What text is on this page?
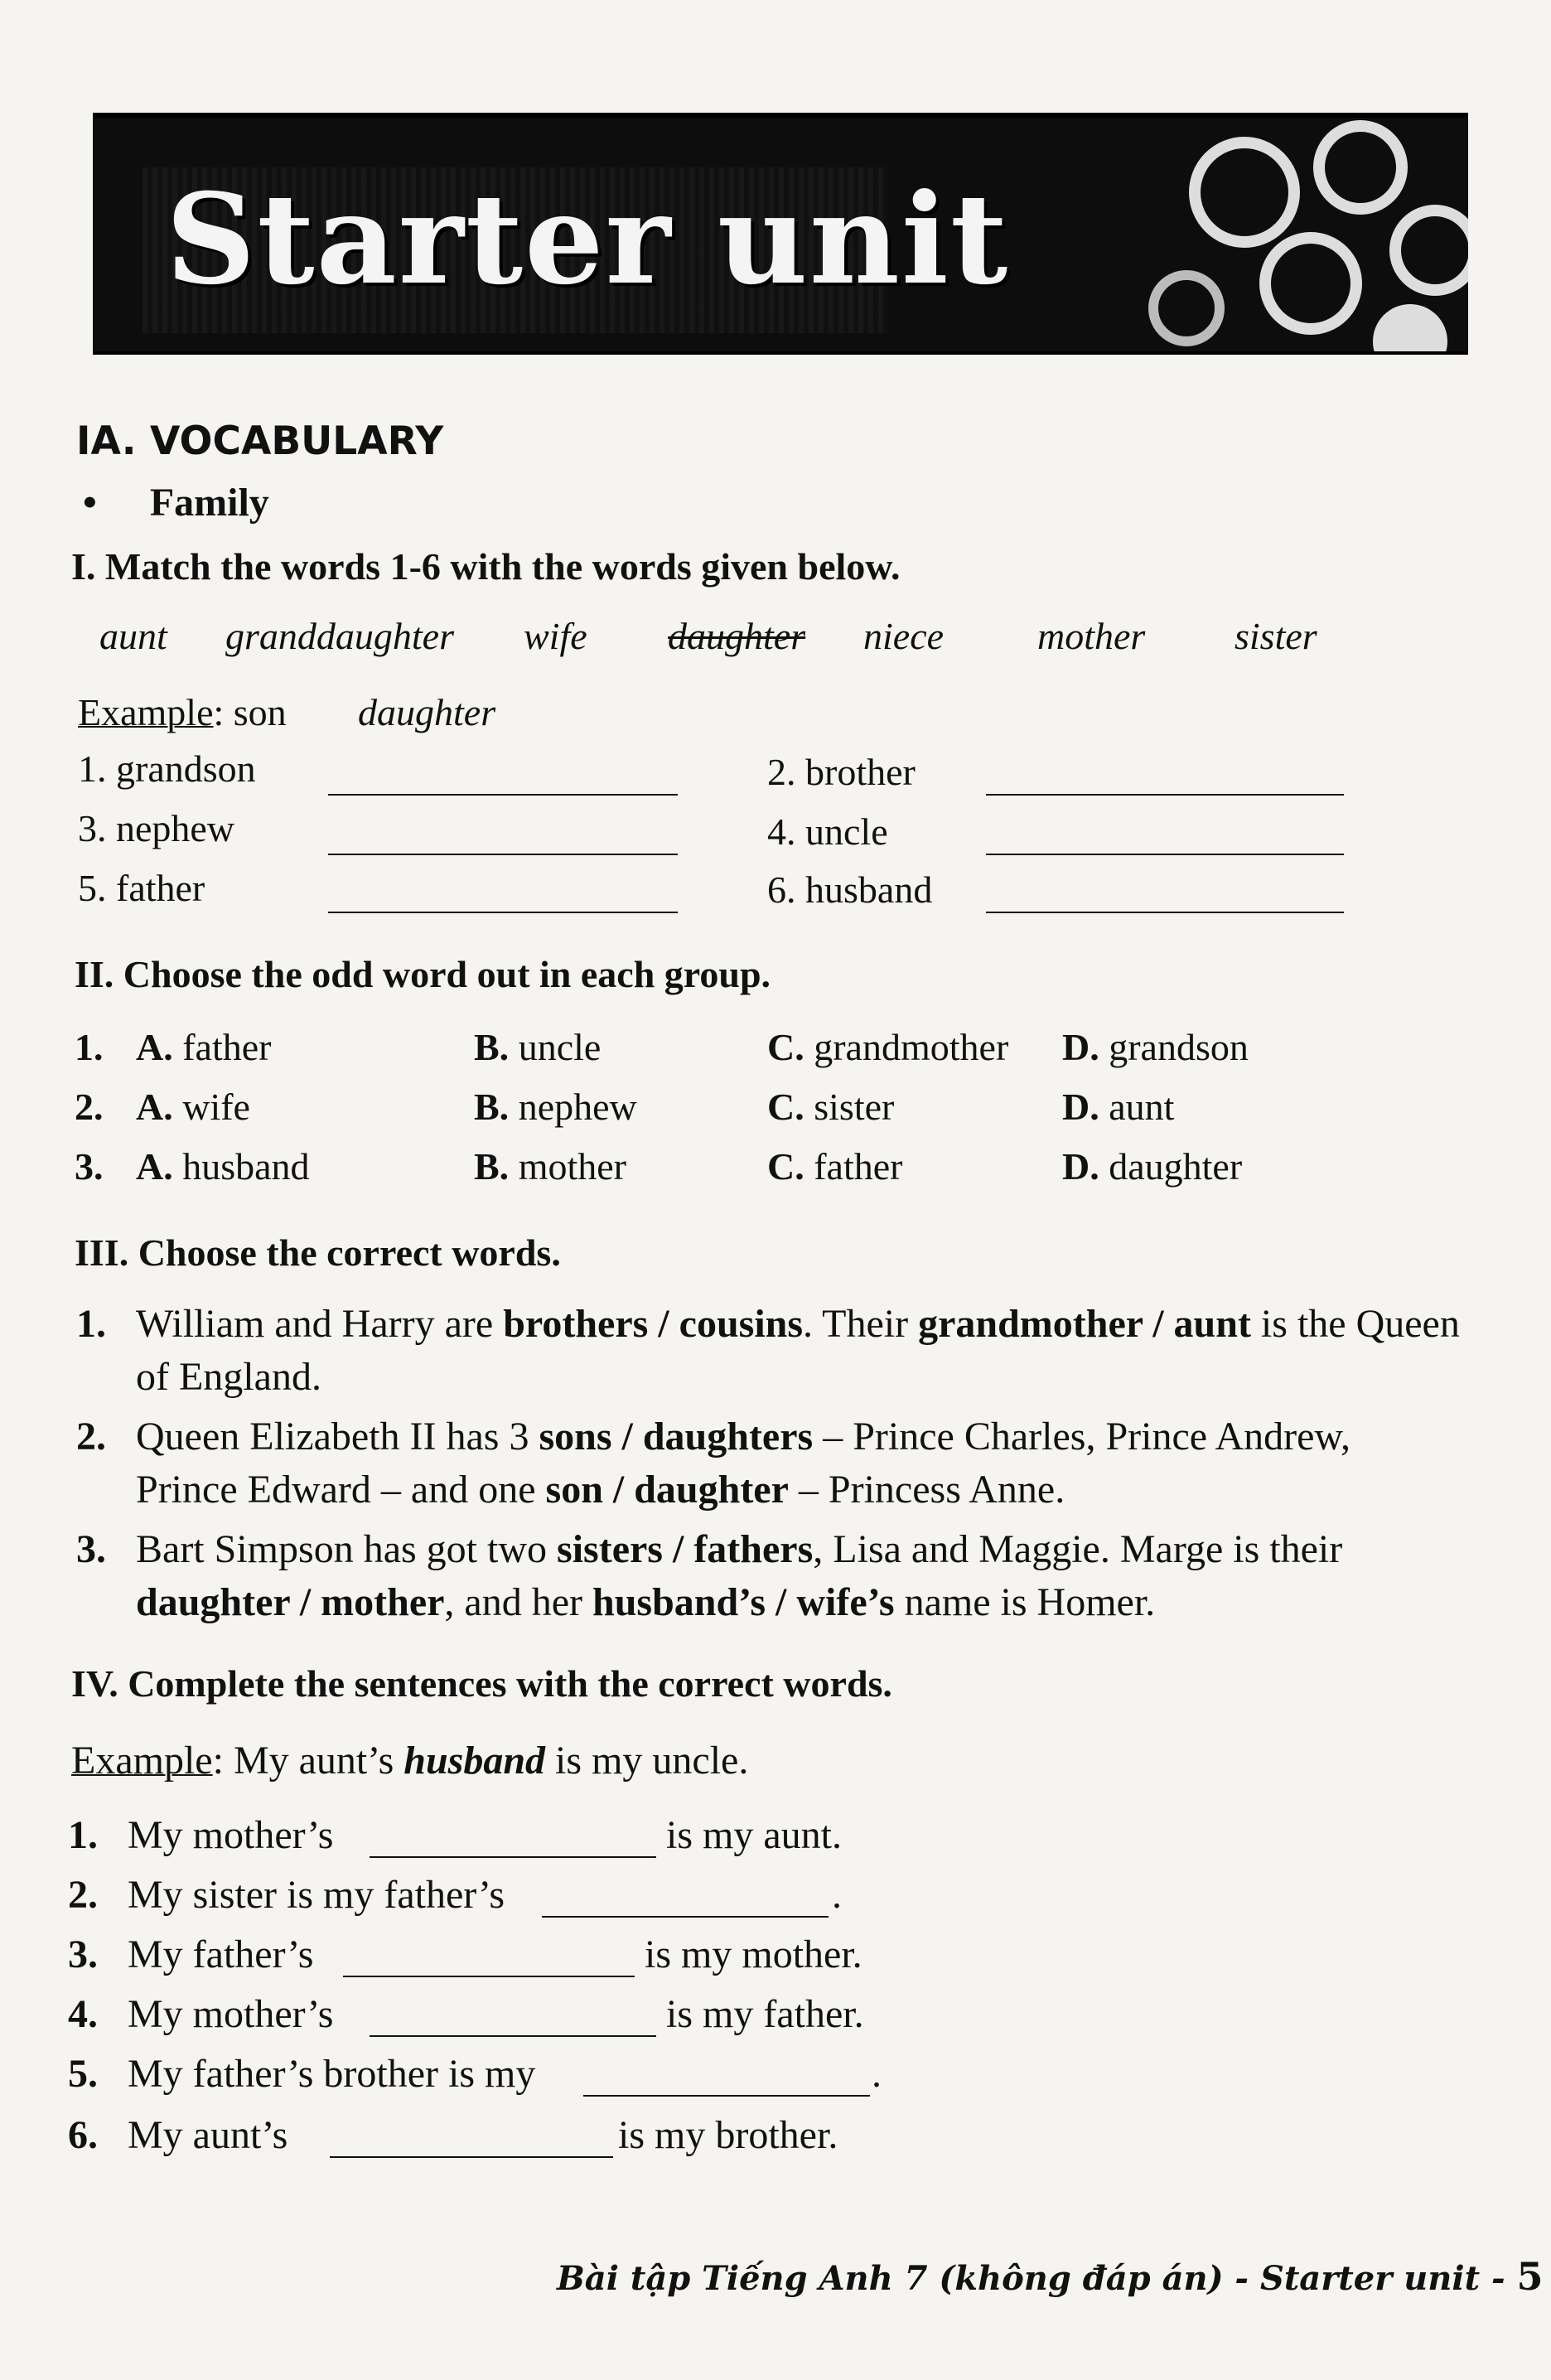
Starter unit
IA. VOCABULARY
• Family
I. Match the words 1-6 with the words given below.
aunt granddaughter wife daughter niece mother sister
Example: son daughter
1. grandson
3. nephew
5. father
2. brother
4. uncle
6. husband
II. Choose the odd word out in each group.
1. A. father	B. uncle	C. grandmother D. grandson
2. A. wife	B. nephew	C. sister	D. aunt
3. A. husband	B. mother	C. father	D. daughter
III. Choose the correct words.
1. William and Harry are brothers / cousins. Their grandmother / aunt is the Queen of England.
2. Queen Elizabeth II has 3 sons / daughters – Prince Charles, Prince Andrew, Prince Edward – and one son / daughter – Princess Anne.
3. Bart Simpson has got two sisters / fathers, Lisa and Maggie. Marge is their daughter / mother, and her husband’s / wife’s name is Homer.
IV. Complete the sentences with the correct words.
Example: My aunt’s husband is my uncle.
1. My mother’s	is my aunt.
2. My sister is my father’s	.
3. My father’s	is my mother.
4. My mother’s	is my father.
5. My father’s brother is my	.
6. My aunt’s	is my brother.
Bài tập Tiếng Anh 7 (không đáp án) - Starter unit - 5
